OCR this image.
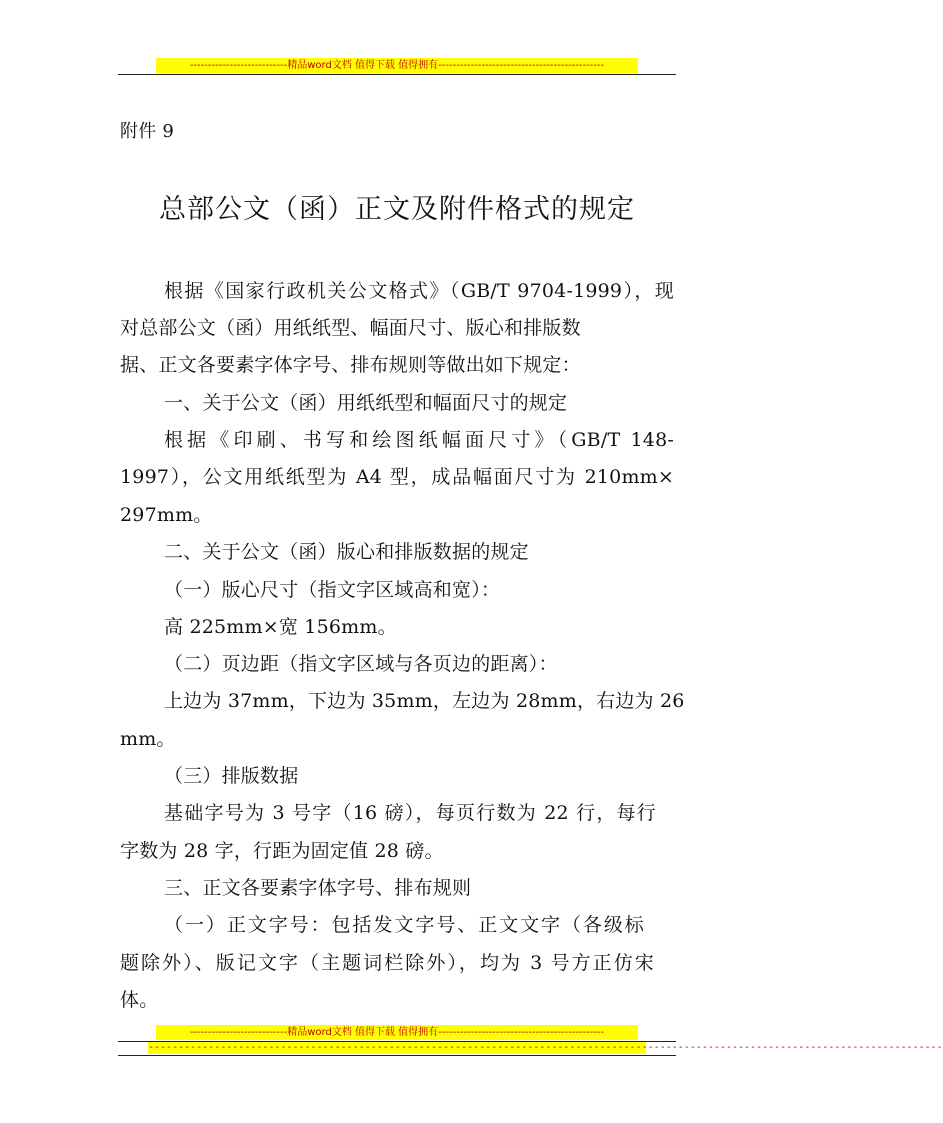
---------------------------精品word文档 值得下载 值得拥有----------------------------------------------
附件 9
总部公文（函）正文及附件格式的规定
根据《国家行政机关公文格式》（GB/T 9704-1999），现
对总部公文（函）用纸纸型、幅面尺寸、版心和排版数
据、正文各要素字体字号、排布规则等做出如下规定：
一、关于公文（函）用纸纸型和幅面尺寸的规定
根据《印刷、书写和绘图纸幅面尺寸》（GB/T 148-
1997），公文用纸纸型为 A4 型，成品幅面尺寸为 210mm×
297mm。
二、关于公文（函）版心和排版数据的规定
（一）版心尺寸（指文字区域高和宽）：
高 225mm×宽 156mm。
（二）页边距（指文字区域与各页边的距离）：
上边为 37mm，下边为 35mm，左边为 28mm，右边为 26
mm。
（三）排版数据
基础字号为 3 号字（16 磅），每页行数为 22 行，每行
字数为 28 字，行距为固定值 28 磅。
三、正文各要素字体字号、排布规则
（一）正文字号：包括发文字号、正文文字（各级标
题除外）、版记文字（主题词栏除外），均为 3 号方正仿宋
体。
---------------------------精品word文档 值得下载 值得拥有----------------------------------------------
------------------------------------------------------------------------------------------------------------------------------------
